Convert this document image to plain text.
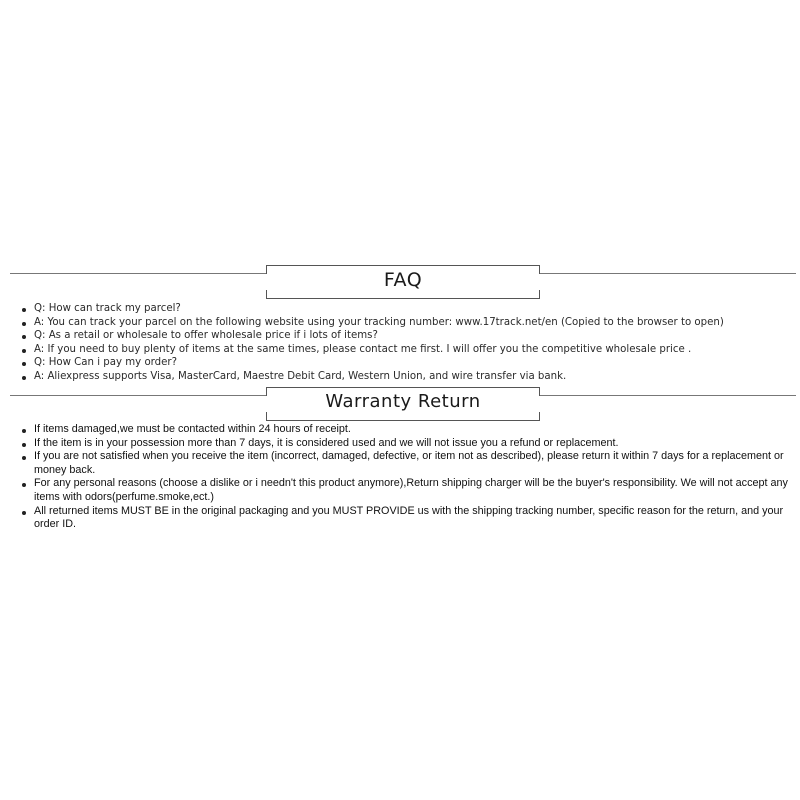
FAQ
Q: How can track my parcel?
A: You can track your parcel on the following website using your tracking number: www.17track.net/en (Copied to the browser to open)
Q: As a retail or wholesale to offer wholesale price if i lots of items?
A: If you need to buy plenty of items at the same times, please contact me first. I will offer you the competitive wholesale price .
Q: How Can i pay my order?
A: Aliexpress supports Visa, MasterCard, Maestre Debit Card, Western Union, and wire transfer via bank.
Warranty Return
If items damaged,we must be contacted within 24 hours of receipt.
If the item is in your possession more than 7 days, it is considered used and we will not issue you a refund or replacement.
If you are not satisfied when you receive the item (incorrect, damaged, defective, or item not as described), please return it within 7 days for a replacement or money back.
For any personal reasons (choose a dislike or i needn't this product anymore),Return shipping charger will be the buyer's responsibility. We will not accept any items with odors(perfume.smoke,ect.)
All returned items MUST BE in the original packaging and you MUST PROVIDE us with the shipping tracking number, specific reason for the return, and your order ID.
